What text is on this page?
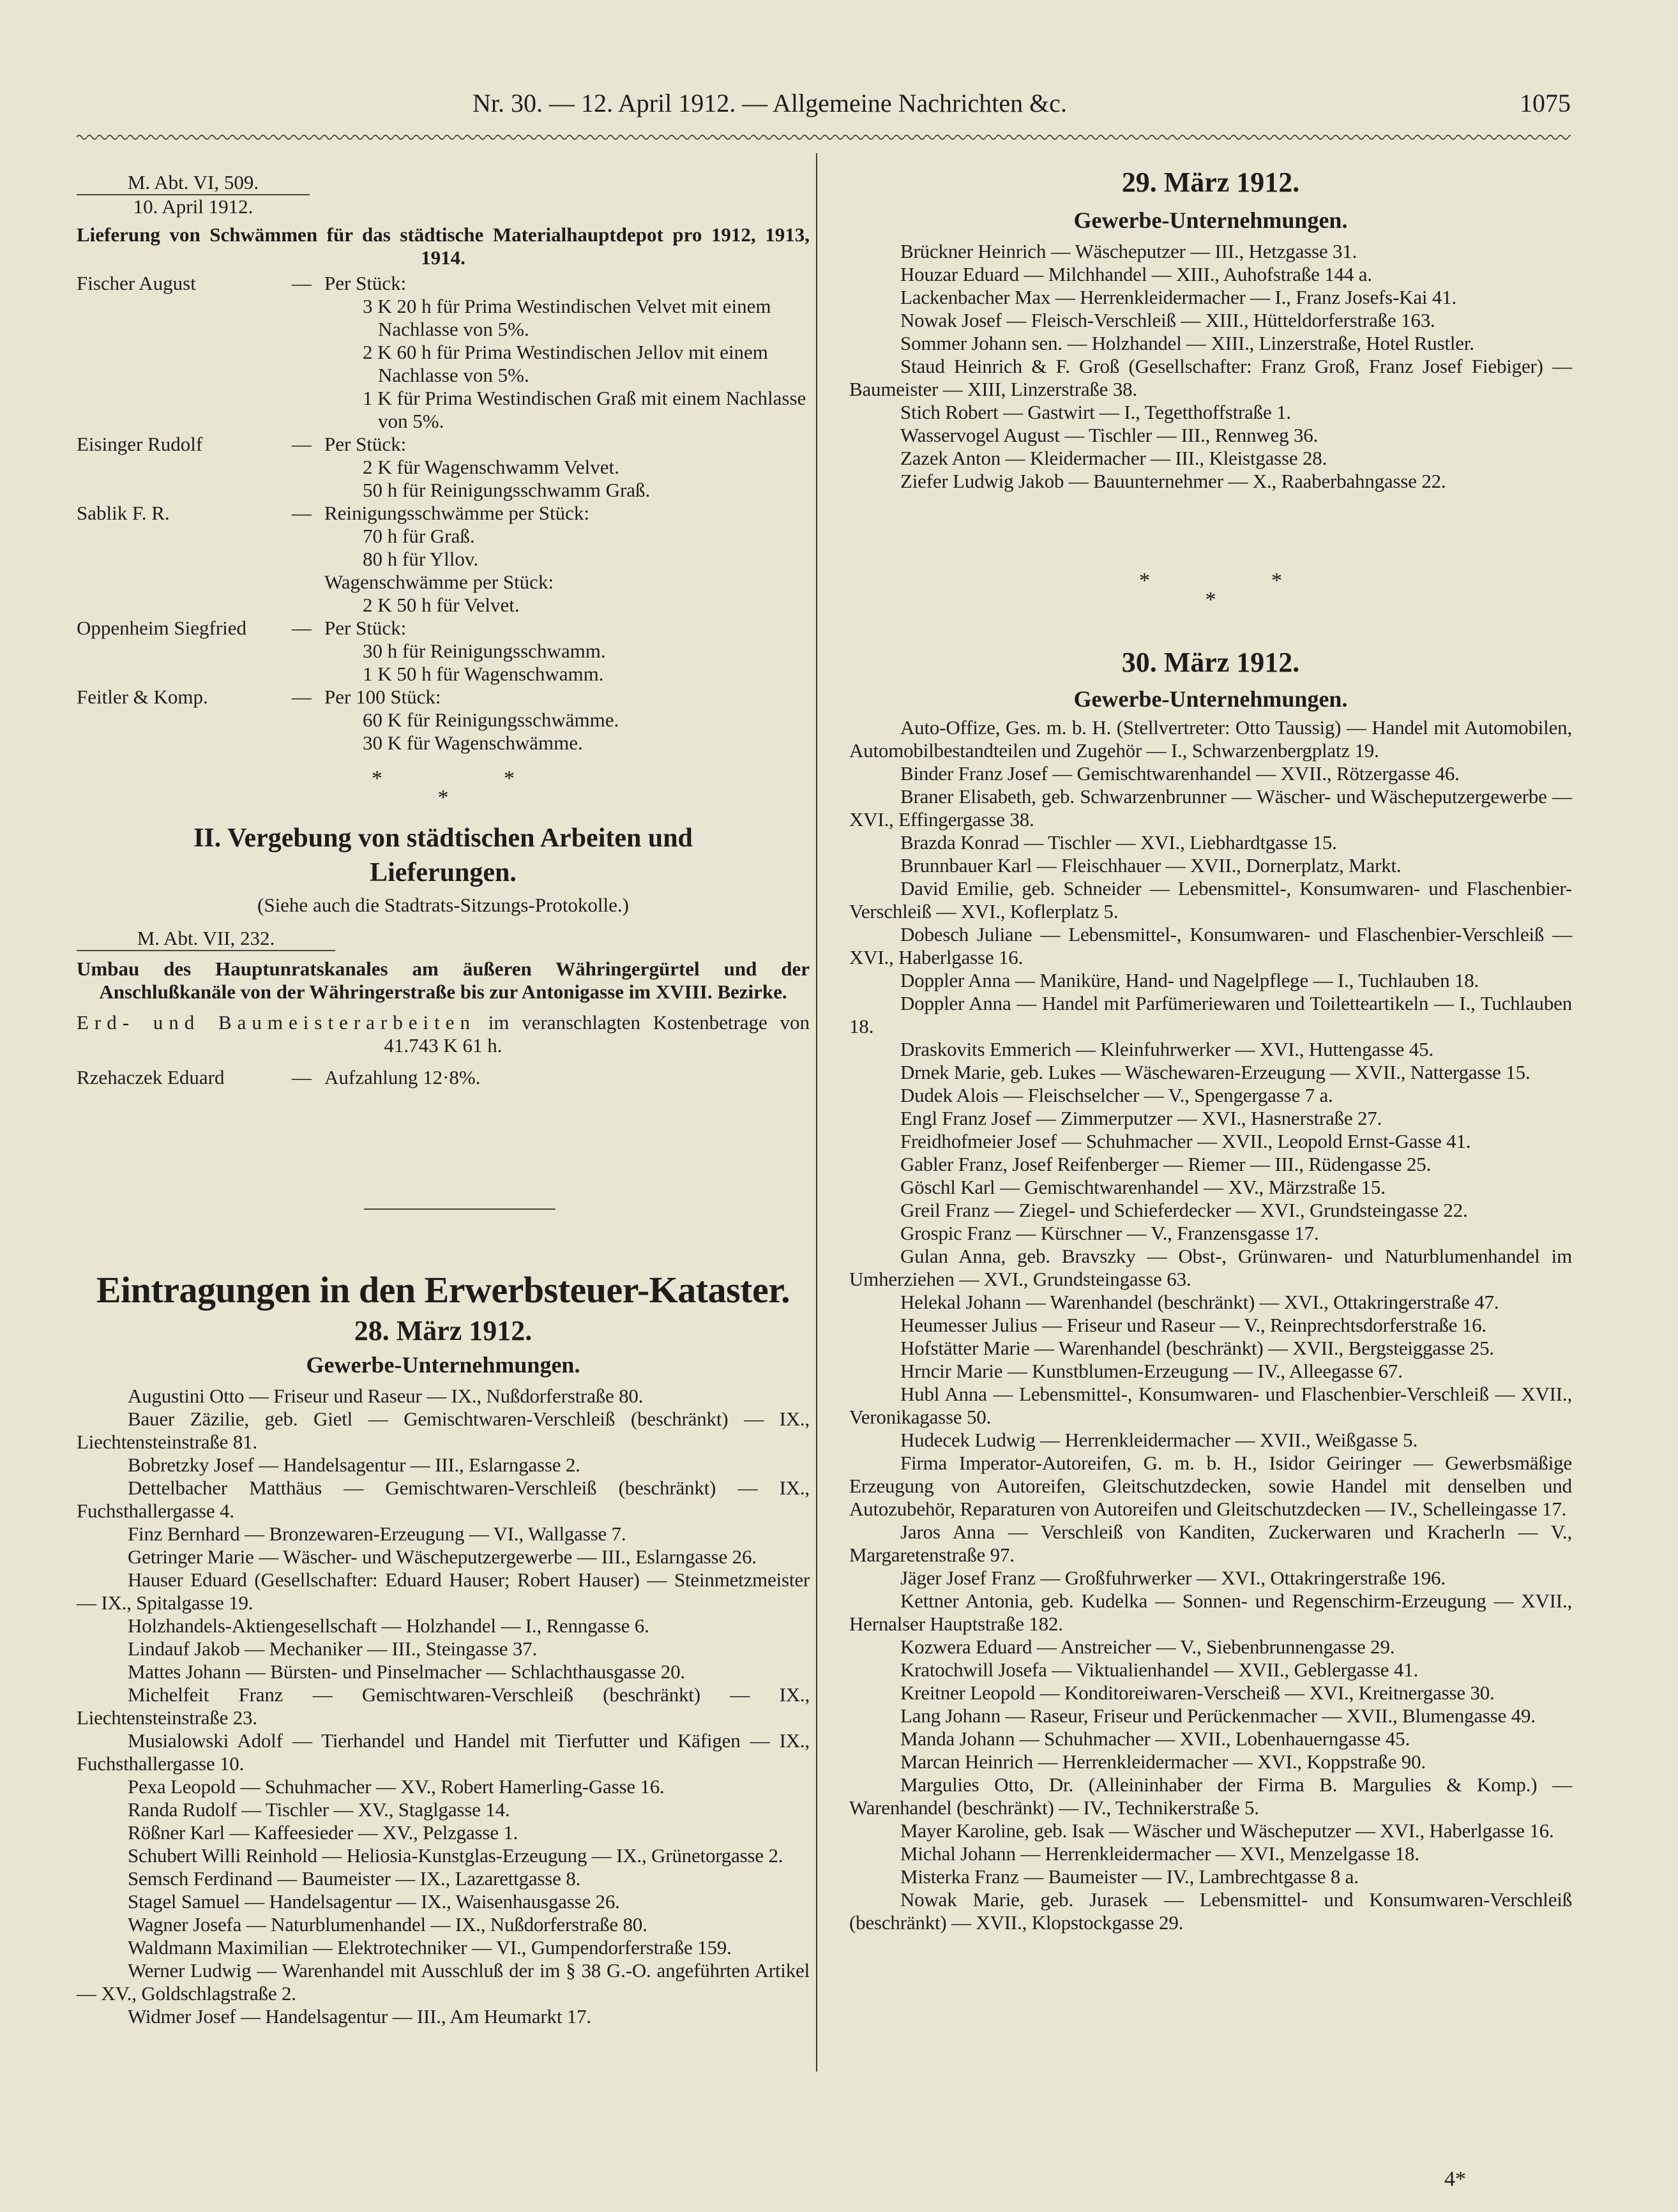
Nr. 30. — 12. April 1912. — Allgemeine Nachrichten &c.	1075
M. Abt. VI, 509.
10. April 1912.
Lieferung von Schwämmen für das städtische Materialhauptdepot pro 1912, 1913, 1914.
Fischer August	— Per Stück:
3 K 20 h für Prima Westindischen Velvet mit einem Nachlasse von 5%.
2 K 60 h für Prima Westindischen Jellov mit einem Nachlasse von 5%.
1 K für Prima Westindischen Graß mit einem Nachlasse von 5%.
Eisinger Rudolf	— Per Stück:
2 K für Wagenschwamm Velvet.
50 h für Reinigungsschwamm Graß.
Sablik F. R.	— Reinigungsschwämme per Stück:
70 h für Graß.
80 h für Yllov.
Wagenschwämme per Stück:
2 K 50 h für Velvet.
Oppenheim Siegfried — Per Stück:
30 h für Reinigungsschwamm.
1 K 50 h für Wagenschwamm.
Feitler & Komp.	— Per 100 Stück:
60 K für Reinigungsschwämme.
30 K für Wagenschwämme.
*	*
*
II. Vergebung von städtischen Arbeiten und Lieferungen.
(Siehe auch die Stadtrats-Sitzungs-Protokolle.)
M. Abt. VII, 232.
Umbau des Hauptunratskanales am äußeren Währingergürtel und der Anschlußkanäle von der Währingerstraße bis zur Antonigasse im XVIII. Bezirke.
Erd- und Baumeisterarbeiten im veranschlagten Kostenbetrage von 41.743 K 61 h.
Rzehaczek Eduard	— Aufzahlung 12·8%.
Eintragungen in den Erwerbsteuer-Kataster.
28. März 1912.
Gewerbe-Unternehmungen.
Augustini Otto — Friseur und Raseur — IX., Nußdorferstraße 80.
Bauer Zäzilie, geb. Gietl — Gemischtwaren-Verschleiß (beschränkt) — IX., Liechtensteinstraße 81.
Bobretzky Josef — Handelsagentur — III., Eslarngasse 2.
Dettelbacher Matthäus — Gemischtwaren-Verschleiß (beschränkt) — IX., Fuchsthallergasse 4.
Finz Bernhard — Bronzewaren-Erzeugung — VI., Wallgasse 7.
Getringer Marie — Wäscher- und Wäscheputzergewerbe — III., Eslarngasse 26.
Hauser Eduard (Gesellschafter: Eduard Hauser; Robert Hauser) — Steinmetzmeister — IX., Spitalgasse 19.
Holzhandels-Aktiengesellschaft — Holzhandel — I., Renngasse 6.
Lindauf Jakob — Mechaniker — III., Steingasse 37.
Mattes Johann — Bürsten- und Pinselmacher — Schlachthausgasse 20.
Michelfeit Franz — Gemischtwaren-Verschleiß (beschränkt) — IX., Liechtensteinstraße 23.
Musialowski Adolf — Tierhandel und Handel mit Tierfutter und Käfigen — IX., Fuchsthallergasse 10.
Pexa Leopold — Schuhmacher — XV., Robert Hamerling-Gasse 16.
Randa Rudolf — Tischler — XV., Staglgasse 14.
Rößner Karl — Kaffeesieder — XV., Pelzgasse 1.
Schubert Willi Reinhold — Heliosia-Kunstglas-Erzeugung — IX., Grünetorgasse 2.
Semsch Ferdinand — Baumeister — IX., Lazarettgasse 8.
Stagel Samuel — Handelsagentur — IX., Waisenhausgasse 26.
Wagner Josefa — Naturblumenhandel — IX., Nußdorferstraße 80.
Waldmann Maximilian — Elektrotechniker — VI., Gumpendorferstraße 159.
Werner Ludwig — Warenhandel mit Ausschluß der im § 38 G.-O. angeführten Artikel — XV., Goldschlagstraße 2.
Widmer Josef — Handelsagentur — III., Am Heumarkt 17.
29. März 1912.
Gewerbe-Unternehmungen.
Brückner Heinrich — Wäscheputzer — III., Hetzgasse 31.
Houzar Eduard — Milchhandel — XIII., Auhofstraße 144 a.
Lackenbacher Max — Herrenkleidermacher — I., Franz Josefs-Kai 41.
Nowak Josef — Fleisch-Verschleiß — XIII., Hütteldorferstraße 163.
Sommer Johann sen. — Holzhandel — XIII., Linzerstraße, Hotel Rustler.
Staud Heinrich & F. Groß (Gesellschafter: Franz Groß, Franz Josef Fiebiger) — Baumeister — XIII, Linzerstraße 38.
Stich Robert — Gastwirt — I., Tegetthoffstraße 1.
Wasservogel August — Tischler — III., Rennweg 36.
Zazek Anton — Kleidermacher — III., Kleistgasse 28.
Ziefer Ludwig Jakob — Bauunternehmer — X., Raaberbahngasse 22.
*	*
*
30. März 1912.
Gewerbe-Unternehmungen.
Auto-Offize, Ges. m. b. H. (Stellvertreter: Otto Taussig) — Handel mit Automobilen, Automobilbestandteilen und Zugehör — I., Schwarzenbergplatz 19.
Binder Franz Josef — Gemischtwarenhandel — XVII., Rötzergasse 46.
Braner Elisabeth, geb. Schwarzenbrunner — Wäscher- und Wäscheputzergewerbe — XVI., Effingergasse 38.
Brazda Konrad — Tischler — XVI., Liebhardtgasse 15.
Brunnbauer Karl — Fleischhauer — XVII., Dornerplatz, Markt.
David Emilie, geb. Schneider — Lebensmittel-, Konsumwaren- und Flaschenbier-Verschleiß — XVI., Koflerplatz 5.
Dobesch Juliane — Lebensmittel-, Konsumwaren- und Flaschenbier-Verschleiß — XVI., Haberlgasse 16.
Doppler Anna — Maniküre, Hand- und Nagelpflege — I., Tuchlauben 18.
Doppler Anna — Handel mit Parfümeriewaren und Toiletteartikeln — I., Tuchlauben 18.
Draskovits Emmerich — Kleinfuhrwerker — XVI., Huttengasse 45.
Drnek Marie, geb. Lukes — Wäschewaren-Erzeugung — XVII., Nattergasse 15.
Dudek Alois — Fleischselcher — V., Spengergasse 7 a.
Engl Franz Josef — Zimmerputzer — XVI., Hasnerstraße 27.
Freidhofmeier Josef — Schuhmacher — XVII., Leopold Ernst-Gasse 41.
Gabler Franz, Josef Reifenberger — Riemer — III., Rüdengasse 25.
Göschl Karl — Gemischtwarenhandel — XV., Märzstraße 15.
Greil Franz — Ziegel- und Schieferdecker — XVI., Grundsteingasse 22.
Grospic Franz — Kürschner — V., Franzensgasse 17.
Gulan Anna, geb. Bravszky — Obst-, Grünwaren- und Naturblumenhandel im Umherziehen — XVI., Grundsteingasse 63.
Helekal Johann — Warenhandel (beschränkt) — XVI., Ottakringerstraße 47.
Heumesser Julius — Friseur und Raseur — V., Reinprechtsdorferstraße 16.
Hofstätter Marie — Warenhandel (beschränkt) — XVII., Bergsteiggasse 25.
Hrncir Marie — Kunstblumen-Erzeugung — IV., Alleegasse 67.
Hubl Anna — Lebensmittel-, Konsumwaren- und Flaschenbier-Verschleiß — XVII., Veronikagasse 50.
Hudecek Ludwig — Herrenkleidermacher — XVII., Weißgasse 5.
Firma Imperator-Autoreifen, G. m. b. H., Isidor Geiringer — Gewerbsmäßige Erzeugung von Autoreifen, Gleitschutzdecken, sowie Handel mit denselben und Autozubehör, Reparaturen von Autoreifen und Gleitschutzdecken — IV., Schelleingasse 17.
Jaros Anna — Verschleiß von Kanditen, Zuckerwaren und Kracherln — V., Margaretenstraße 97.
Jäger Josef Franz — Großfuhrwerker — XVI., Ottakringerstraße 196.
Kettner Antonia, geb. Kudelka — Sonnen- und Regenschirm-Erzeugung — XVII., Hernalser Hauptstraße 182.
Kozwera Eduard — Anstreicher — V., Siebenbrunnengasse 29.
Kratochwill Josefa — Viktualienhandel — XVII., Geblergasse 41.
Kreitner Leopold — Konditoreiwaren-Verscheiß — XVI., Kreitnergasse 30.
Lang Johann — Raseur, Friseur und Perückenmacher — XVII., Blumengasse 49.
Manda Johann — Schuhmacher — XVII., Lobenhauerngasse 45.
Marcan Heinrich — Herrenkleidermacher — XVI., Koppstraße 90.
Margulies Otto, Dr. (Alleininhaber der Firma B. Margulies & Komp.) — Warenhandel (beschränkt) — IV., Technikerstraße 5.
Mayer Karoline, geb. Isak — Wäscher und Wäscheputzer — XVI., Haberlgasse 16.
Michal Johann — Herrenkleidermacher — XVI., Menzelgasse 18.
Misterka Franz — Baumeister — IV., Lambrechtgasse 8 a.
Nowak Marie, geb. Jurasek — Lebensmittel- und Konsumwaren-Verschleiß (beschränkt) — XVII., Klopstockgasse 29.
4*
